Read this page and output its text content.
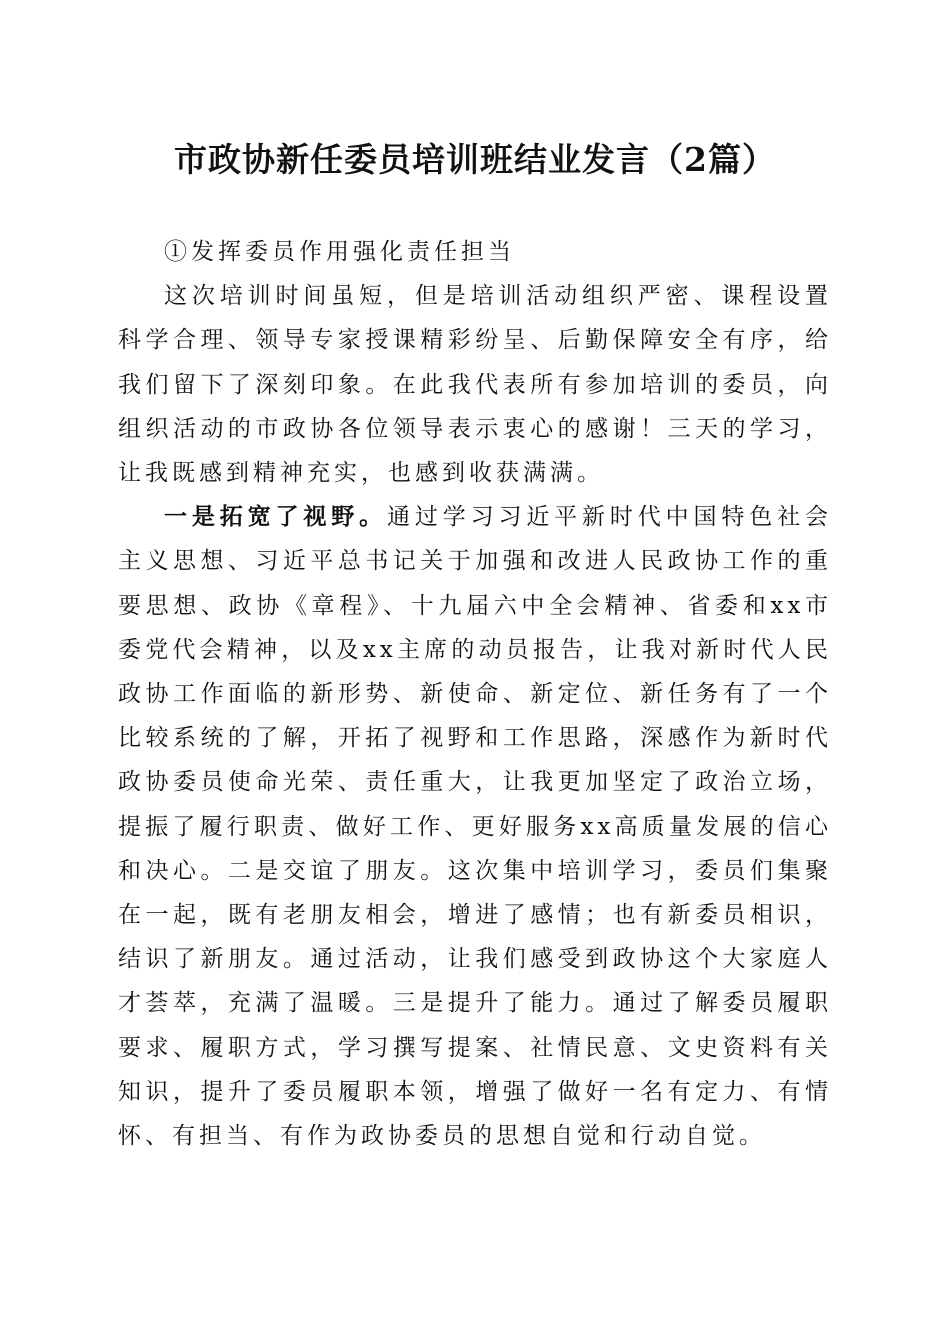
市政协新任委员培训班结业发言（2篇）

①发挥委员作用强化责任担当

这次培训时间虽短，但是培训活动组织严密、课程设置科学合理、领导专家授课精彩纷呈、后勤保障安全有序，给我们留下了深刻印象。在此我代表所有参加培训的委员，向组织活动的市政协各位领导表示衷心的感谢！三天的学习，让我既感到精神充实，也感到收获满满。

一是拓宽了视野。通过学习习近平新时代中国特色社会主义思想、习近平总书记关于加强和改进人民政协工作的重要思想、政协《章程》、十九届六中全会精神、省委和xx市委党代会精神，以及xx主席的动员报告，让我对新时代人民政协工作面临的新形势、新使命、新定位、新任务有了一个比较系统的了解，开拓了视野和工作思路，深感作为新时代政协委员使命光荣、责任重大，让我更加坚定了政治立场，提振了履行职责、做好工作、更好服务xx高质量发展的信心和决心。二是交谊了朋友。这次集中培训学习，委员们集聚在一起，既有老朋友相会，增进了感情；也有新委员相识，结识了新朋友。通过活动，让我们感受到政协这个大家庭人才荟萃，充满了温暖。三是提升了能力。通过了解委员履职要求、履职方式，学习撰写提案、社情民意、文史资料有关知识，提升了委员履职本领，增强了做好一名有定力、有情怀、有担当、有作为政协委员的思想自觉和行动自觉。
